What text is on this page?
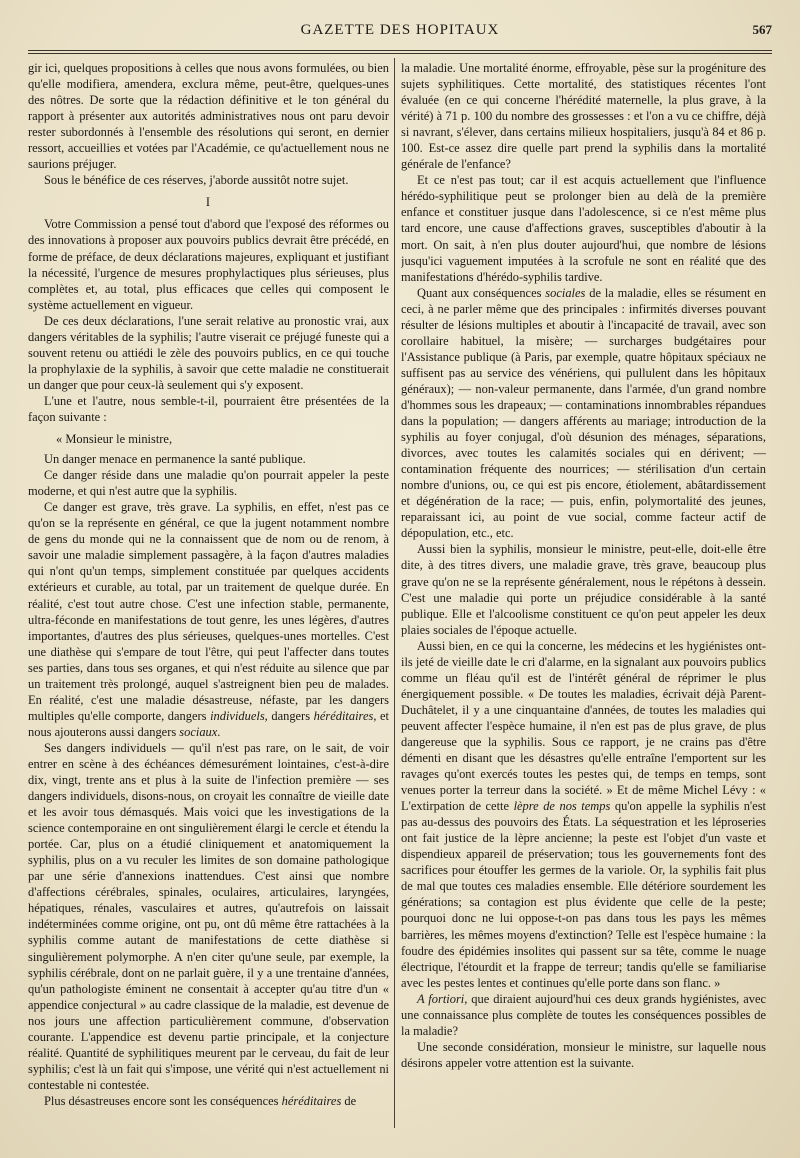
GAZETTE DES HOPITAUX	567

gir ici, quelques propositions à celles que nous avons formulées, ou bien qu'elle modifiera, amendera, exclura même, peut-être, quelques-unes des nôtres. De sorte que la rédaction définitive et le ton général du rapport à présenter aux autorités administratives nous ont paru devoir rester subordonnés à l'ensemble des résolutions qui seront, en dernier ressort, accueillies et votées par l'Académie, ce qu'actuellement nous ne saurions préjuger.

Sous le bénéfice de ces réserves, j'aborde aussitôt notre sujet.

I

Votre Commission a pensé tout d'abord que l'exposé des réformes ou des innovations à proposer aux pouvoirs publics devrait être précédé, en forme de préface, de deux déclarations majeures, expliquant et justifiant la nécessité, l'urgence de mesures prophylactiques plus sérieuses, plus complètes et, au total, plus efficaces que celles qui composent le système actuellement en vigueur.

De ces deux déclarations, l'une serait relative au pronostic vrai, aux dangers véritables de la syphilis; l'autre viserait ce préjugé funeste qui a souvent retenu ou attiédi le zèle des pouvoirs publics, en ce qui touche la prophylaxie de la syphilis, à savoir que cette maladie ne constituerait un danger que pour ceux-là seulement qui s'y exposent.

L'une et l'autre, nous semble-t-il, pourraient être présentées de la façon suivante :

« Monsieur le ministre,

Un danger menace en permanence la santé publique.

Ce danger réside dans une maladie qu'on pourrait appeler la peste moderne, et qui n'est autre que la syphilis.

Ce danger est grave, très grave. La syphilis, en effet, n'est pas ce qu'on se la représente en général, ce que la jugent notamment nombre de gens du monde qui ne la connaissent que de nom ou de renom, à savoir une maladie simplement passagère, à la façon d'autres maladies qui n'ont qu'un temps, simplement constituée par quelques accidents extérieurs et curable, au total, par un traitement de quelque durée. En réalité, c'est tout autre chose. C'est une infection stable, permanente, ultra-féconde en manifestations de tout genre, les unes légères, d'autres importantes, d'autres des plus sérieuses, quelques-unes mortelles. C'est une diathèse qui s'empare de tout l'être, qui peut l'affecter dans toutes ses parties, dans tous ses organes, et qui n'est réduite au silence que par un traitement très prolongé, auquel s'astreignent bien peu de malades. En réalité, c'est une maladie désastreuse, néfaste, par les dangers multiples qu'elle comporte, dangers individuels, dangers héréditaires, et nous ajouterons aussi dangers sociaux.

Ses dangers individuels — qu'il n'est pas rare, on le sait, de voir entrer en scène à des échéances démesurément lointaines, c'est-à-dire dix, vingt, trente ans et plus à la suite de l'infection première — ses dangers individuels, disons-nous, on croyait les connaître de vieille date et les avoir tous démasqués. Mais voici que les investigations de la science contemporaine en ont singulièrement élargi le cercle et étendu la portée. Car, plus on a étudié cliniquement et anatomiquement la syphilis, plus on a vu reculer les limites de son domaine pathologique par une série d'annexions inattendues. C'est ainsi que nombre d'affections cérébrales, spinales, oculaires, articulaires, laryngées, hépatiques, rénales, vasculaires et autres, qu'autrefois on laissait indéterminées comme origine, ont pu, ont dû même être rattachées à la syphilis comme autant de manifestations de cette diathèse si singulièrement polymorphe. A n'en citer qu'une seule, par exemple, la syphilis cérébrale, dont on ne parlait guère, il y a une trentaine d'années, qu'un pathologiste éminent ne consentait à accepter qu'au titre d'un « appendice conjectural » au cadre classique de la maladie, est devenue de nos jours une affection particulièrement commune, d'observation courante. L'appendice est devenu partie principale, et la conjecture réalité. Quantité de syphilitiques meurent par le cerveau, du fait de leur syphilis; c'est là un fait qui s'impose, une vérité qui n'est actuellement ni contestable ni contestée.

Plus désastreuses encore sont les conséquences héréditaires de

la maladie. Une mortalité énorme, effroyable, pèse sur la progéniture des sujets syphilitiques. Cette mortalité, des statistiques récentes l'ont évaluée (en ce qui concerne l'hérédité maternelle, la plus grave, à la vérité) à 71 p. 100 du nombre des grossesses : et l'on a vu ce chiffre, déjà si navrant, s'élever, dans certains milieux hospitaliers, jusqu'à 84 et 86 p. 100. Est-ce assez dire quelle part prend la syphilis dans la mortalité générale de l'enfance?

Et ce n'est pas tout; car il est acquis actuellement que l'influence hérédo-syphilitique peut se prolonger bien au delà de la première enfance et constituer jusque dans l'adolescence, si ce n'est même plus tard encore, une cause d'affections graves, susceptibles d'aboutir à la mort. On sait, à n'en plus douter aujourd'hui, que nombre de lésions jusqu'ici vaguement imputées à la scrofule ne sont en réalité que des manifestations d'hérédo-syphilis tardive.

Quant aux conséquences sociales de la maladie, elles se résument en ceci, à ne parler même que des principales : infirmités diverses pouvant résulter de lésions multiples et aboutir à l'incapacité de travail, avec son corollaire habituel, la misère; — surcharges budgétaires pour l'Assistance publique (à Paris, par exemple, quatre hôpitaux spéciaux ne suffisent pas au service des vénériens, qui pullulent dans les hôpitaux généraux); — non-valeur permanente, dans l'armée, d'un grand nombre d'hommes sous les drapeaux; — contaminations innombrables répandues dans la population; — dangers afférents au mariage; introduction de la syphilis au foyer conjugal, d'où désunion des ménages, séparations, divorces, avec toutes les calamités sociales qui en dérivent; — contamination fréquente des nourrices; — stérilisation d'un certain nombre d'unions, ou, ce qui est pis encore, étiolement, abâtardissement et dégénération de la race; — puis, enfin, polymortalité des jeunes, reparaissant ici, au point de vue social, comme facteur actif de dépopulation, etc., etc.

Aussi bien la syphilis, monsieur le ministre, peut-elle, doit-elle être dite, à des titres divers, une maladie grave, très grave, beaucoup plus grave qu'on ne se la représente généralement, nous le répétons à dessein. C'est une maladie qui porte un préjudice considérable à la santé publique. Elle et l'alcoolisme constituent ce qu'on peut appeler les deux plaies sociales de l'époque actuelle.

Aussi bien, en ce qui la concerne, les médecins et les hygiénistes ont-ils jeté de vieille date le cri d'alarme, en la signalant aux pouvoirs publics comme un fléau qu'il est de l'intérêt général de réprimer le plus énergiquement possible. « De toutes les maladies, écrivait déjà Parent-Duchâtelet, il y a une cinquantaine d'années, de toutes les maladies qui peuvent affecter l'espèce humaine, il n'en est pas de plus grave, de plus dangereuse que la syphilis. Sous ce rapport, je ne crains pas d'être démenti en disant que les désastres qu'elle entraîne l'emportent sur les ravages qu'ont exercés toutes les pestes qui, de temps en temps, sont venues porter la terreur dans la société. » Et de même Michel Lévy : « L'extirpation de cette lèpre de nos temps qu'on appelle la syphilis n'est pas au-dessus des pouvoirs des États. La séquestration et les léproseries ont fait justice de la lèpre ancienne; la peste est l'objet d'un vaste et dispendieux appareil de préservation; tous les gouvernements font des sacrifices pour étouffer les germes de la variole. Or, la syphilis fait plus de mal que toutes ces maladies ensemble. Elle détériore sourdement les générations; sa contagion est plus évidente que celle de la peste; pourquoi donc ne lui oppose-t-on pas dans tous les pays les mêmes barrières, les mêmes moyens d'extinction? Telle est l'espèce humaine : la foudre des épidémies insolites qui passent sur sa tête, comme le nuage électrique, l'étourdit et la frappe de terreur; tandis qu'elle se familiarise avec les pestes lentes et continues qu'elle porte dans son flanc. »

A fortiori, que diraient aujourd'hui ces deux grands hygiénistes, avec une connaissance plus complète de toutes les conséquences possibles de la maladie?

Une seconde considération, monsieur le ministre, sur laquelle nous désirons appeler votre attention est la suivante.
